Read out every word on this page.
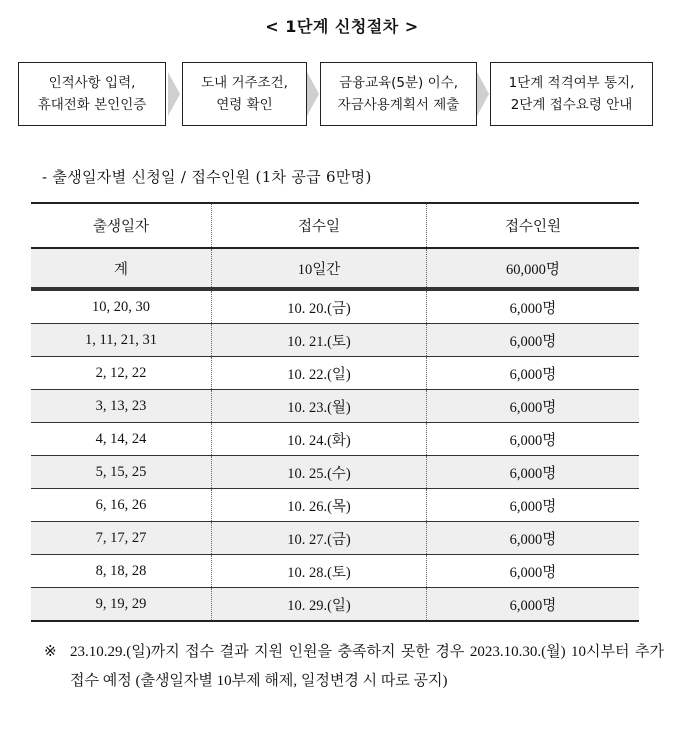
< 1단계 신청절차 >
인적사항 입력,
휴대전화 본인인증
도내 거주조건,
연령 확인
금융교육(5분) 이수,
자금사용계획서 제출
1단계 적격여부 통지,
2단계 접수요령 안내
- 출생일자별 신청일 / 접수인원 (1차 공급 6만명)
출생일자	접수일	접수인원
계	10일간	60,000명
10, 20, 30	10. 20.(금)	6,000명
1, 11, 21, 31	10. 21.(토)	6,000명
2, 12, 22	10. 22.(일)	6,000명
3, 13, 23	10. 23.(월)	6,000명
4, 14, 24	10. 24.(화)	6,000명
5, 15, 25	10. 25.(수)	6,000명
6, 16, 26	10. 26.(목)	6,000명
7, 17, 27	10. 27.(금)	6,000명
8, 18, 28	10. 28.(토)	6,000명
9, 19, 29	10. 29.(일)	6,000명
※ 23.10.29.(일)까지 접수 결과 지원 인원을 충족하지 못한 경우 2023.10.30.(월) 10시부터 추가 접수 예정 (출생일자별 10부제 해제, 일정변경 시 따로 공지)
